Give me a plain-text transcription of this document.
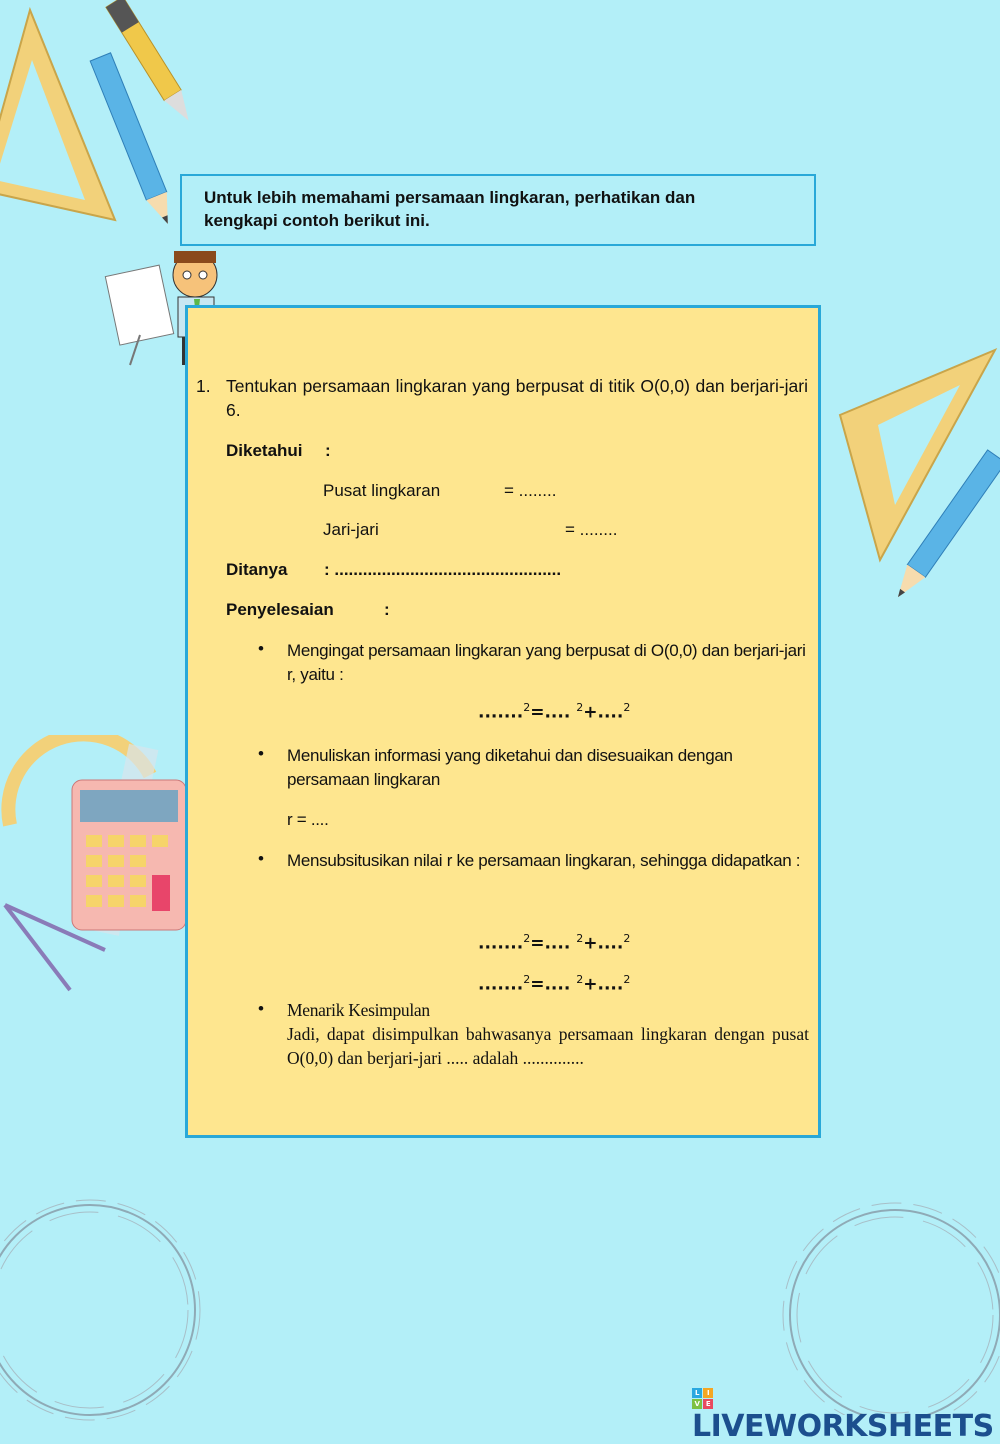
Untuk lebih memahami persamaan lingkaran, perhatikan dan
kengkapi contoh berikut ini.
1. Tentukan persamaan lingkaran yang berpusat di titik O(0,0) dan berjari-jari 6.
Diketahui :
Pusat lingkaran	= ........
Jari-jari	= ........
Ditanya : ................................................
Penyelesaian	:
• Mengingat persamaan lingkaran yang berpusat di O(0,0) dan berjari-jari r, yaitu :
.......$^2$=.... $^2$+....$^2$
• Menuliskan informasi yang diketahui dan disesuaikan dengan persamaan lingkaran
r = ....
• Mensubsitusikan nilai r ke persamaan lingkaran, sehingga didapatkan :
.......$^2$=.... $^2$+....$^2$
.......$^2$=.... $^2$+....$^2$
• Menarik Kesimpulan
Jadi, dapat disimpulkan bahwasanya persamaan lingkaran dengan pusat O(0,0) dan berjari-jari ..... adalah ..............
L	I
V E
LIVEWORKSHEETS
